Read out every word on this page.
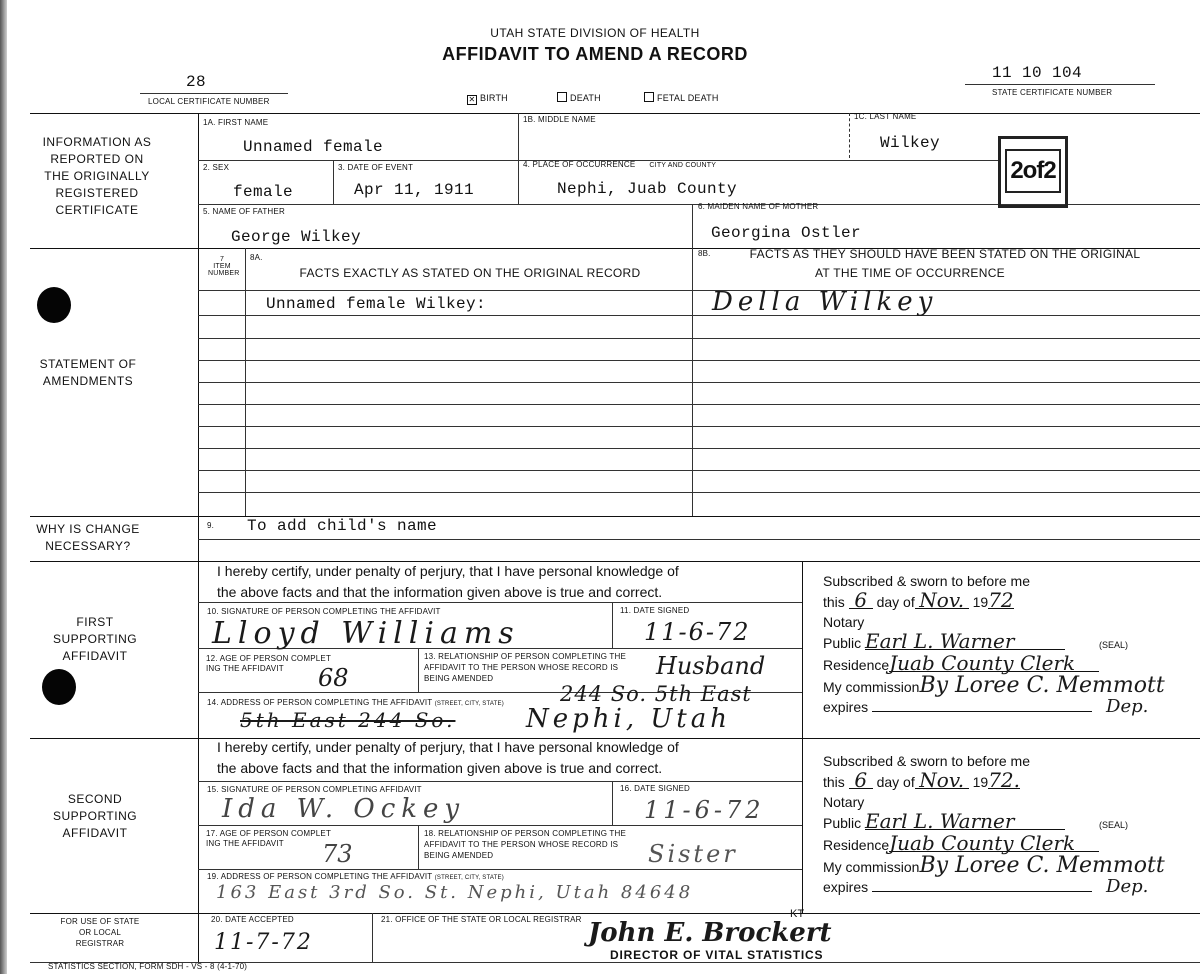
UTAH STATE DIVISION OF HEALTH
AFFIDAVIT TO AMEND A RECORD
28
LOCAL CERTIFICATE NUMBER
11 10 104
STATE CERTIFICATE NUMBER
✕ BIRTH	DEATH	FETAL DEATH
1A. FIRST NAME
Unnamed female
1B. MIDDLE NAME	1C. LAST NAME
Wilkey
2. SEX
female
3. DATE OF EVENT
Apr 11, 1911
4. PLACE OF OCCURRENCE CITY AND COUNTY
Nephi, Juab County
5. NAME OF FATHER
George Wilkey
6. MAIDEN NAME OF MOTHER
Georgina Ostler
2of2
INFORMATION AS REPORTED ON THE ORIGINALLY REGISTERED CERTIFICATE
7
ITEM NUMBER
8A.
FACTS EXACTLY AS STATED ON THE ORIGINAL RECORD
8B.	FACTS AS THEY SHOULD HAVE BEEN STATED ON THE ORIGINAL
AT THE TIME OF OCCURRENCE
Unnamed female Wilkey:	Della Wilkey
STATEMENT OF AMENDMENTS
WHY IS CHANGE NECESSARY?
9. To add child's name
I hereby certify, under penalty of perjury, that I have personal knowledge of
the above facts and that the information given above is true and correct.
10. SIGNATURE OF PERSON COMPLETING THE AFFIDAVIT
Lloyd Williams
11. DATE SIGNED
11-6-72
12. AGE OF PERSON COMPLET
ING THE AFFIDAVIT	68
13. RELATIONSHIP OF PERSON COMPLETING THE
AFFIDAVIT TO THE PERSON WHOSE RECORD IS
BEING AMENDED	Husband
14. ADDRESS OF PERSON COMPLETING THE AFFIDAVIT (STREET, CITY, STATE)	244 So. 5th East
5th East 244 So.	Nephi, Utah
FIRST SUPPORTING AFFIDAVIT
Subscribed & sworn to before me
this 6 day of Nov. 1972
Notary
Public Earl L. Warner	(SEAL)
ResidenceJuab County Clerk
My commissionBy Loree C. Memmott
expires	Dep.
I hereby certify, under penalty of perjury, that I have personal knowledge of
the above facts and that the information given above is true and correct.
15. SIGNATURE OF PERSON COMPLETING AFFIDAVIT
Ida W. Ockey
16. DATE SIGNED
11-6-72
17. AGE OF PERSON COMPLET
ING THE AFFIDAVIT	73
18. RELATIONSHIP OF PERSON COMPLETING THE
AFFIDAVIT TO THE PERSON WHOSE RECORD IS
BEING AMENDED	Sister
19. ADDRESS OF PERSON COMPLETING THE AFFIDAVIT (STREET, CITY, STATE)
163 East 3rd So. St. Nephi, Utah 84648
SECOND SUPPORTING AFFIDAVIT
Subscribed & sworn to before me
this 6 day of Nov. 1972.
Notary
Public Earl L. Warner	(SEAL)
ResidenceJuab County Clerk
My commissionBy Loree C. Memmott
expires	Dep.
FOR USE OF STATE OR LOCAL REGISTRAR
20. DATE ACCEPTED
11-7-72
21. OFFICE OF THE STATE OR LOCAL REGISTRAR John E. Brockert
KT
DIRECTOR OF VITAL STATISTICS
STATISTICS SECTION, FORM SDH - VS - 8 (4-1-70)
